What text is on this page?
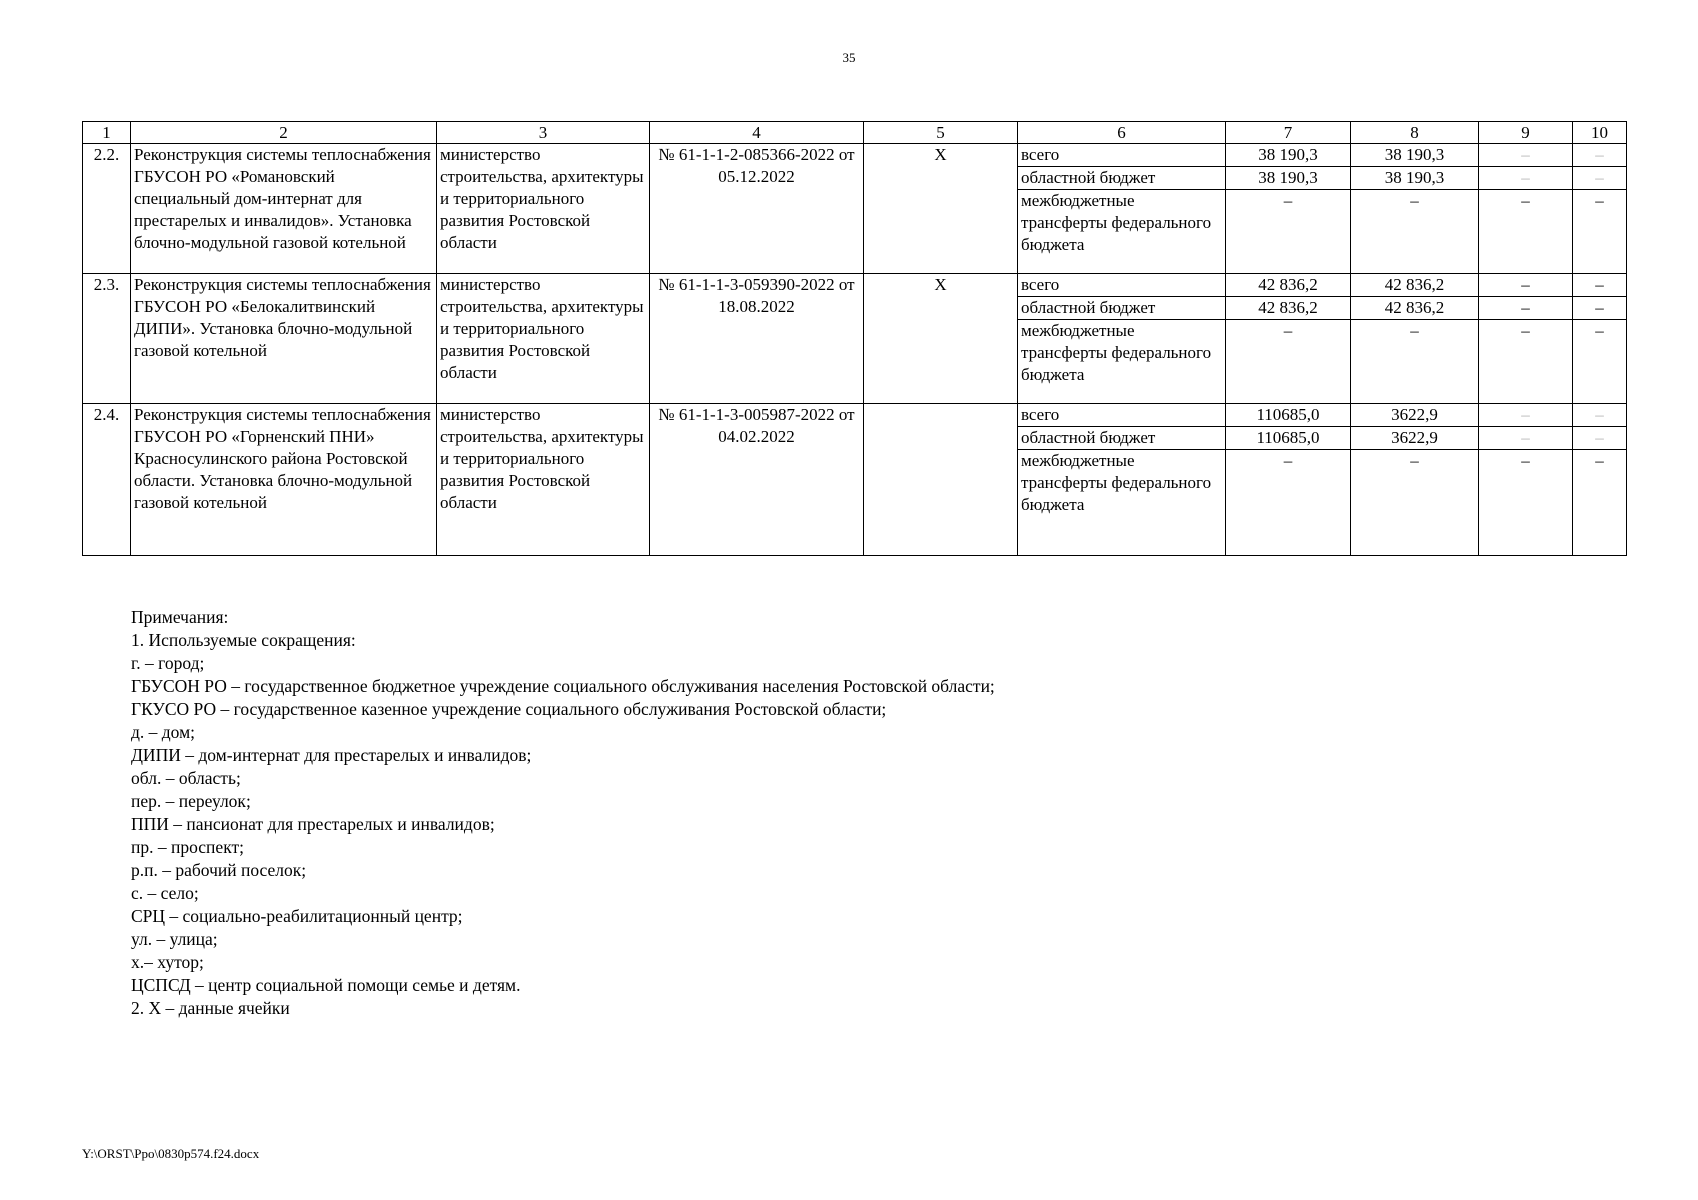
35
1	2	3	4	5	6	7	8	9	10
2.2.	Реконструкция системы теплоснабжения ГБУСОН РО «Романовский специальный дом-интернат для престарелых и инвалидов». Установка блочно-модульной газовой котельной	министерство строительства, архитектуры и территориального развития Ростовской области	№ 61-1-1-2-085366-2022 от 05.12.2022	Х	всего	38 190,3	38 190,3	–	–
					областной бюджет	38 190,3	38 190,3	–	–
					межбюджетные трансферты федерального бюджета	–	–	–	–
2.3.	Реконструкция системы теплоснабжения ГБУСОН РО «Белокалитвинский ДИПИ». Установка блочно-модульной газовой котельной	министерство строительства, архитектуры и территориального развития Ростовской области	№ 61-1-1-3-059390-2022 от 18.08.2022	Х	всего	42 836,2	42 836,2	–	–
					областной бюджет	42 836,2	42 836,2	–	–
					межбюджетные трансферты федерального бюджета	–	–	–	–
2.4.	Реконструкция системы теплоснабжения ГБУСОН РО «Горненский ПНИ» Красносулинского района Ростовской области. Установка блочно-модульной газовой котельной	министерство строительства, архитектуры и территориального развития Ростовской области	№ 61-1-1-3-005987-2022 от 04.02.2022		всего	110685,0	3622,9	–	–
					областной бюджет	110685,0	3622,9	–	–
					межбюджетные трансферты федерального бюджета	–	–	–	–
Примечания:
1. Используемые сокращения:
г. – город;
ГБУСОН РО – государственное бюджетное учреждение социального обслуживания населения Ростовской области;
ГКУСО РО – государственное казенное учреждение социального обслуживания Ростовской области;
д. – дом;
ДИПИ – дом-интернат для престарелых и инвалидов;
обл. – область;
пер. – переулок;
ППИ – пансионат для престарелых и инвалидов;
пр. – проспект;
р.п. – рабочий поселок;
с. – село;
СРЦ – социально-реабилитационный центр;
ул. – улица;
х.– хутор;
ЦСПСД – центр социальной помощи семье и детям.
2. Х – данные ячейки
Y:\ORST\Ppo\0830p574.f24.docx
